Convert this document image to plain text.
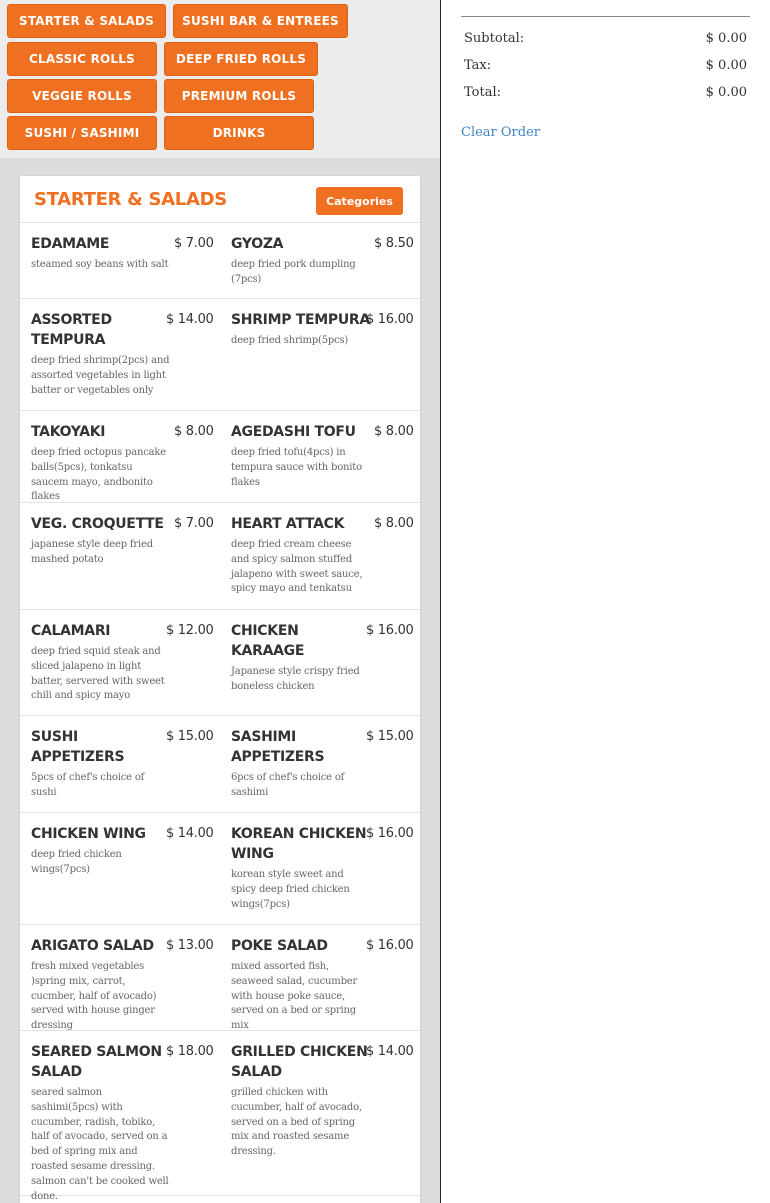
STARTER & SALADS	SUSHI BAR & ENTREES
CLASSIC ROLLS	DEEP FRIED ROLLS
VEGGIE ROLLS	PREMIUM ROLLS
SUSHI / SASHIMI	DRINKS
STARTER & SALADS	Categories
EDAMAME	$ 7.00
steamed soy beans with salt
GYOZA	$ 8.50
deep fried pork dumpling (7pcs)
ASSORTED TEMPURA
$ 14.00
deep fried shrimp(2pcs) and assorted vegetables in light batter or vegetables only
SHRIMP TEMPURA
$ 16.00
deep fried shrimp(5pcs)
TAKOYAKI	$ 8.00
deep fried octopus pancake balls(5pcs), tonkatsu saucem mayo, andbonito flakes
AGEDASHI TOFU	$ 8.00
deep fried tofu(4pcs) in tempura sauce with bonito flakes
VEG. CROQUETTE $ 7.00
japanese style deep fried mashed potato
HEART ATTACK	$ 8.00
deep fried cream cheese and spicy salmon stuffed jalapeno with sweet sauce, spicy mayo and tenkatsu
CALAMARI	$ 12.00
deep fried squid steak and sliced jalapeno in light batter, servered with sweet chili and spicy mayo
CHICKEN KARAAGE
$ 16.00
Japanese style crispy fried boneless chicken
SUSHI APPETIZERS
$ 15.00
5pcs of chef's choice of sushi
SASHIMI APPETIZERS
$ 15.00
6pcs of chef's choice of sashimi
CHICKEN WING	$ 14.00
deep fried chicken wings(7pcs)
KOREAN CHICKEN WING
$ 16.00
korean style sweet and spicy deep fried chicken wings(7pcs)
ARIGATO SALAD $ 13.00
fresh mixed vegetables )spring mix, carrot, cucmber, half of avocado) served with house ginger dressing
POKE SALAD	$ 16.00
mixed assorted fish, seaweed salad, cucumber with house poke sauce, served on a bed or spring mix
SEARED SALMON SALAD
$ 18.00
seared salmon sashimi(5pcs) with cucumber, radish, tobiko, half of avocado, served on a bed of spring mix and roasted sesame dressing. salmon can't be cooked well done.
GRILLED CHICKEN SALAD
$ 14.00
grilled chicken with cucumber, half of avocado, served on a bed of spring mix and roasted sesame dressing.
Subtotal:	$ 0.00
Tax:	$ 0.00
Total:	$ 0.00
Clear Order
